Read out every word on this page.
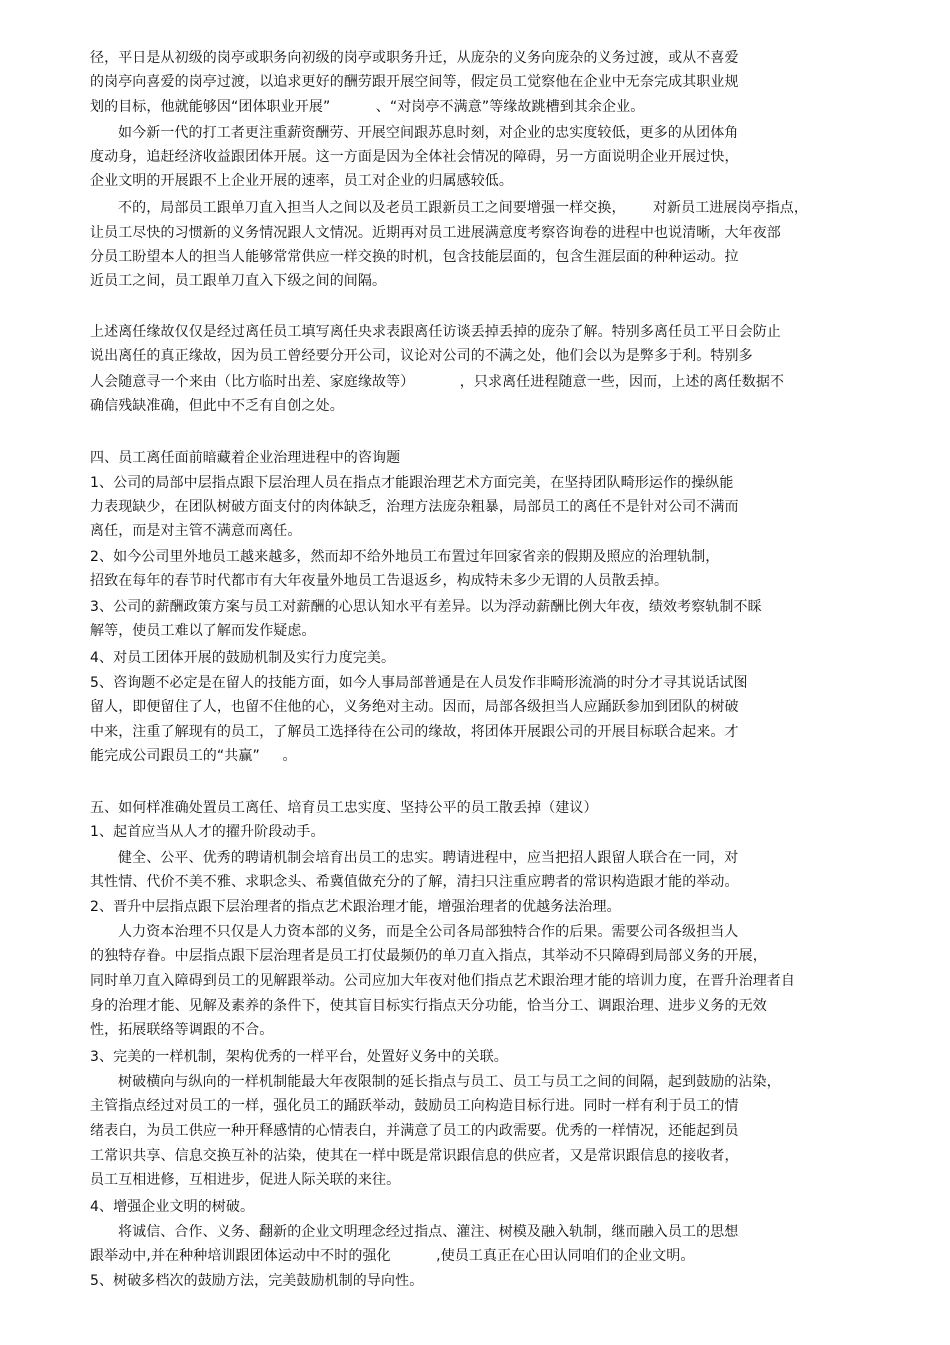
径，平日是从初级的岗亭或职务向初级的岗亭或职务升迁，从庞杂的义务向庞杂的义务过渡，或从不喜爱
的岗亭向喜爱的岗亭过渡，以追求更好的酬劳跟开展空间等，假定员工觉察他在企业中无奈完成其职业规
划的目标，他就能够因“团体职业开展”          、“对岗亭不满意”等缘故跳槽到其余企业。
如今新一代的打工者更注重薪资酬劳、开展空间跟苏息时刻，对企业的忠实度较低，更多的从团体角
度动身，追赶经济收益跟团体开展。这一方面是因为全体社会情况的障碍，另一方面说明企业开展过快，
企业文明的开展跟不上企业开展的速率，员工对企业的归属感较低。
不的，局部员工跟单刀直入担当人之间以及老员工跟新员工之间要增强一样交换，      对新员工进展岗亭指点，
让员工尽快的习惯新的义务情况跟人文情况。近期再对员工进展满意度考察咨询卷的进程中也说清晰，大年夜部
分员工盼望本人的担当人能够常常供应一样交换的时机，包含技能层面的，包含生涯层面的种种运动。拉
近员工之间，员工跟单刀直入下级之间的间隔。
上述离任缘故仅仅是经过离任员工填写离任央求表跟离任访谈丢掉丢掉的庞杂了解。特别多离任员工平日会防止
说出离任的真正缘故，因为员工曾经要分开公司，议论对公司的不满之处，他们会以为是弊多于利。特别多
人会随意寻一个来由（比方临时出差、家庭缘故等）          ，只求离任进程随意一些，因而，上述的离任数据不
确信残缺准确，但此中不乏有自创之处。
四、员工离任面前暗藏着企业治理进程中的咨询题
1、公司的局部中层指点跟下层治理人员在指点才能跟治理艺术方面完美，在坚持团队畸形运作的操纵能
力表现缺少，在团队树破方面支付的肉体缺乏，治理方法庞杂粗暴，局部员工的离任不是针对公司不满而
离任，而是对主管不满意而离任。
2、如今公司里外地员工越来越多，然而却不给外地员工布置过年回家省亲的假期及照应的治理轨制，
招致在每年的春节时代都市有大年夜量外地员工告退返乡，构成特未多少无谓的人员散丢掉。
3、公司的薪酬政策方案与员工对薪酬的心思认知水平有差异。以为浮动薪酬比例大年夜，绩效考察轨制不睬
解等，使员工难以了解而发作疑虑。
4、对员工团体开展的鼓励机制及实行力度完美。
5、咨询题不必定是在留人的技能方面，如今人事局部普通是在人员发作非畸形流淌的时分才寻其说话试图
留人，即便留住了人，也留不住他的心，义务绝对主动。因而，局部各级担当人应踊跃参加到团队的树破
中来，注重了解现有的员工，了解员工选择待在公司的缘故，将团体开展跟公司的开展目标联合起来。才
能完成公司跟员工的“共赢”     。
五、如何样准确处置员工离任、培育员工忠实度、坚持公平的员工散丢掉（建议）
1、起首应当从人才的擢升阶段动手。
健全、公平、优秀的聘请机制会培育出员工的忠实。聘请进程中，应当把招人跟留人联合在一同，对
其性情、代价不美不雅、求职念头、希冀值做充分的了解，清扫只注重应聘者的常识构造跟才能的举动。
2、晋升中层指点跟下层治理者的指点艺术跟治理才能，增强治理者的优越务法治理。
人力资本治理不只仅是人力资本部的义务，而是全公司各局部独特合作的后果。需要公司各级担当人
的独特存眷。中层指点跟下层治理者是员工打仗最频仍的单刀直入指点，其举动不只障碍到局部义务的开展，
同时单刀直入障碍到员工的见解跟举动。公司应加大年夜对他们指点艺术跟治理才能的培训力度，在晋升治理者自
身的治理才能、见解及素养的条件下，使其盲目标实行指点天分功能，恰当分工、调跟治理、进步义务的无效
性，拓展联络等调跟的不合。
3、完美的一样机制，架构优秀的一样平台，处置好义务中的关联。
树破横向与纵向的一样机制能最大年夜限制的延长指点与员工、员工与员工之间的间隔，起到鼓励的沾染，
主管指点经过对员工的一样，强化员工的踊跃举动，鼓励员工向构造目标行进。同时一样有利于员工的情
绪表白，为员工供应一种开释感情的心情表白，并满意了员工的内政需要。优秀的一样情况，还能起到员
工常识共享、信息交换互补的沾染，使其在一样中既是常识跟信息的供应者，又是常识跟信息的接收者，
员工互相进修，互相进步，促进人际关联的来往。
4、增强企业文明的树破。
将诚信、合作、义务、翻新的企业文明理念经过指点、灌注、树模及融入轨制，继而融入员工的思想
跟举动中,并在种种培训跟团体运动中不时的强化          ,使员工真正在心田认同咱们的企业文明。
5、树破多档次的鼓励方法，完美鼓励机制的导向性。
